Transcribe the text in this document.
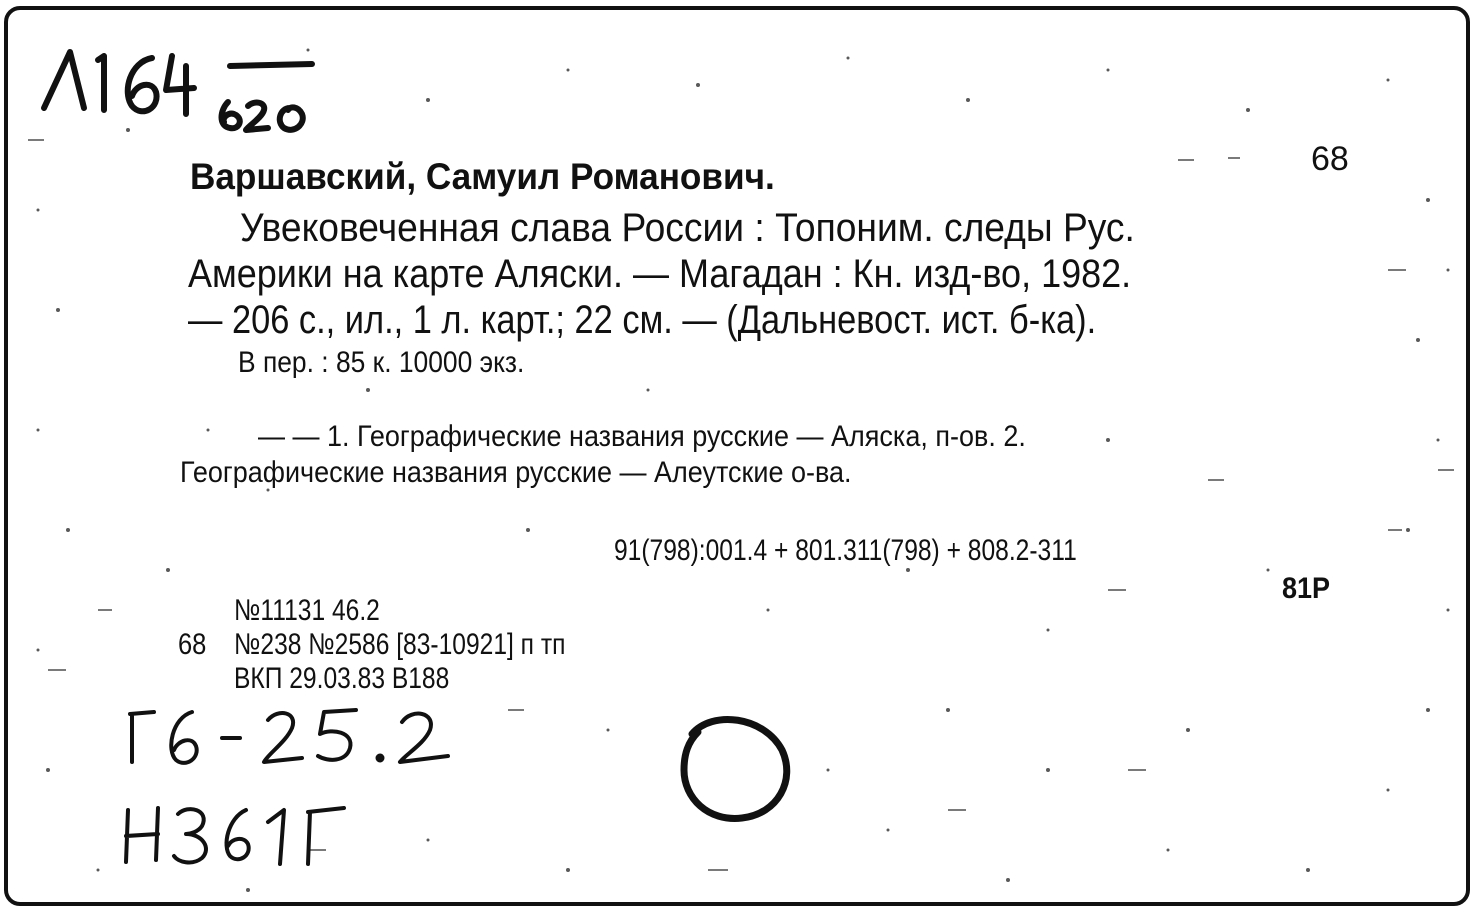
68
Варшавский, Самуил Романович.
Увековеченная слава России : Топоним. следы Рус.
Америки на карте Аляски. — Магадан : Кн. изд-во, 1982.
— 206 с., ил., 1 л. карт.; 22 см. — (Дальневост. ист. б-ка).
В пер. : 85 к. 10000 экз.
— — 1. Географические названия русские — Аляска, п-ов. 2.
Географические названия русские — Алеутские о-ва.
91(798):001.4 + 801.311(798) + 808.2-311
81Р
№11131 46.2
68 №238 №2586 [83-10921] п тп
ВКП 29.03.83 В188
